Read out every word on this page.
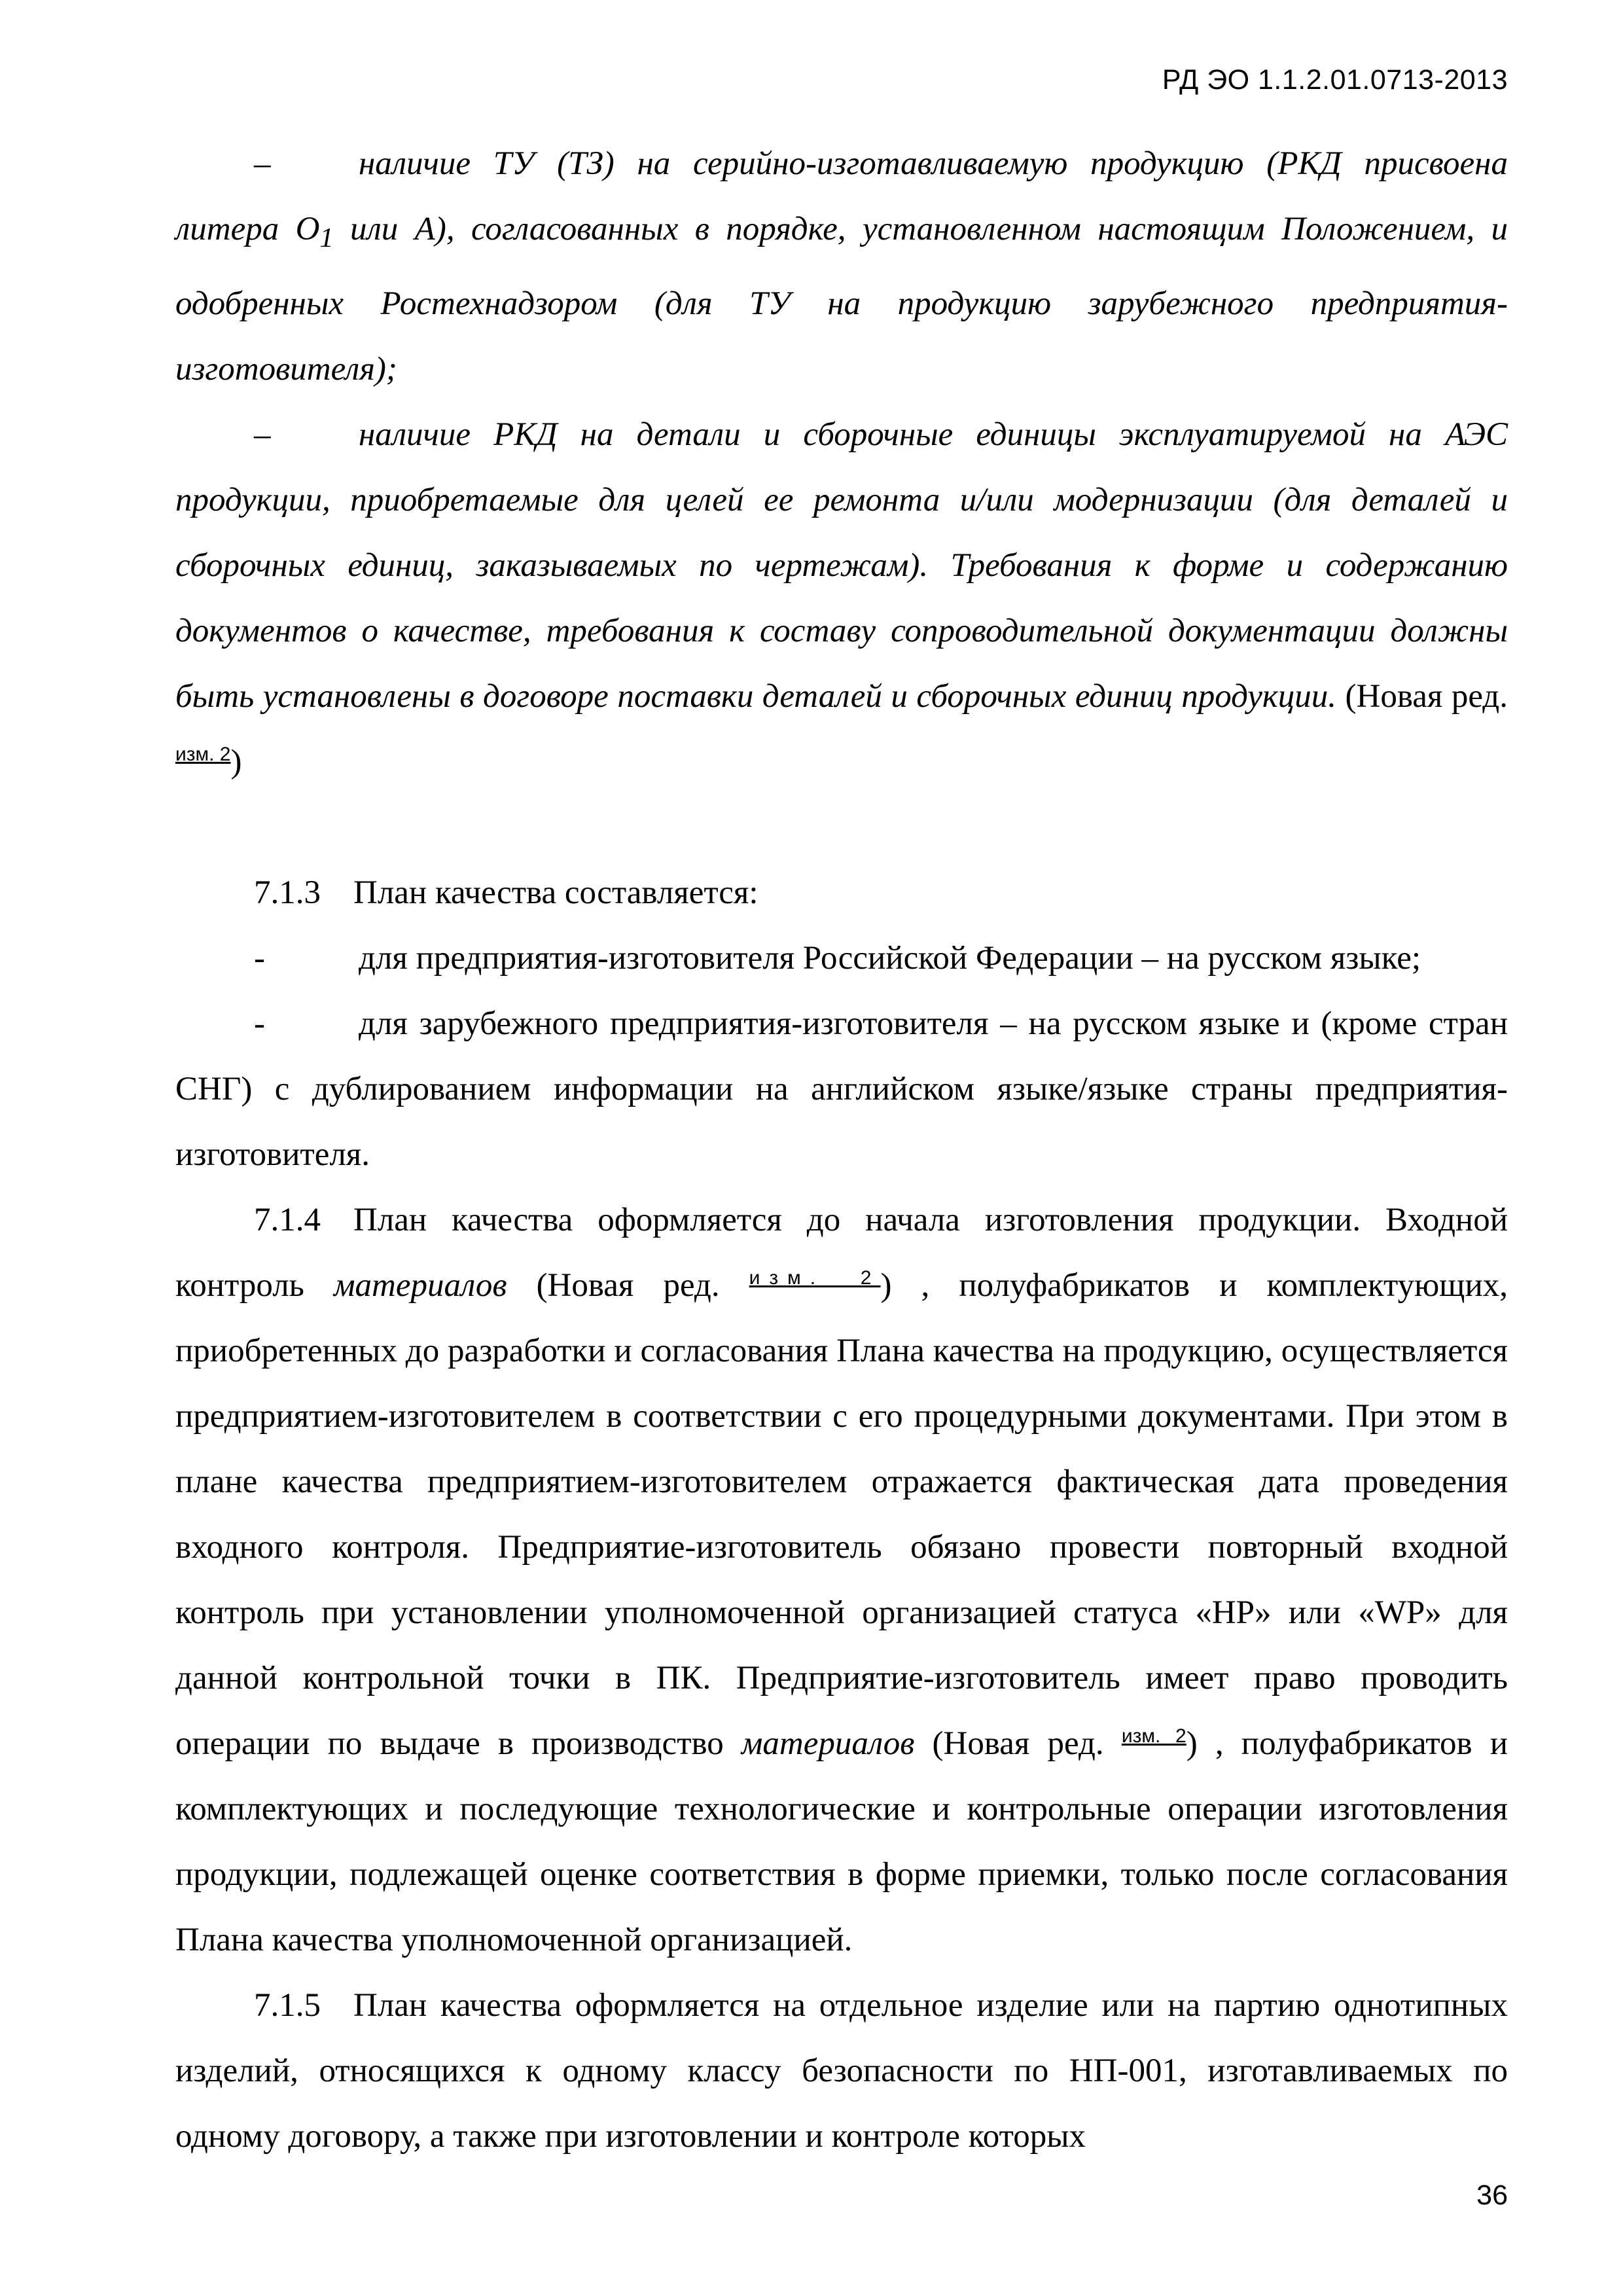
РД ЭО 1.1.2.01.0713-2013

–	наличие ТУ (ТЗ) на серийно-изготавливаемую продукцию (РКД присвоена литера $О_1$ или А), согласованных в порядке, установленном настоящим Положением, и одобренных Ростехнадзором (для ТУ на продукцию зарубежного предприятия-изготовителя);

–	наличие РКД на детали и сборочные единицы эксплуатируемой на АЭС продукции, приобретаемые для целей ее ремонта и/или модернизации (для деталей и сборочных единиц, заказываемых по чертежам). Требования к форме и содержанию документов о качестве, требования к составу сопроводительной документации должны быть установлены в договоре поставки деталей и сборочных единиц продукции. (Новая ред. $^{изм. 2}$)

7.1.3 План качества составляется:

-	для предприятия-изготовителя Российской Федерации – на русском языке;

-	для зарубежного предприятия-изготовителя – на русском языке и (кроме стран СНГ) с дублированием информации на английском языке/языке страны предприятия-изготовителя.

7.1.4 План качества оформляется до начала изготовления продукции. Входной контроль материалов (Новая ред. $^{изм. 2}$) , полуфабрикатов и комплектующих, приобретенных до разработки и согласования Плана качества на продукцию, осуществляется предприятием-изготовителем в соответствии с его процедурными документами. При этом в плане качества предприятием-изготовителем отражается фактическая дата проведения входного контроля. Предприятие-изготовитель обязано провести повторный входной контроль при установлении уполномоченной организацией статуса «HP» или «WP» для данной контрольной точки в ПК. Предприятие-изготовитель имеет право проводить операции по выдаче в производство материалов (Новая ред. $^{изм. 2}$) , полуфабрикатов и комплектующих и последующие технологические и контрольные операции изготовления продукции, подлежащей оценке соответствия в форме приемки, только после согласования Плана качества уполномоченной организацией.

7.1.5 План качества оформляется на отдельное изделие или на партию однотипных изделий, относящихся к одному классу безопасности по НП-001, изготавливаемых по одному договору, а также при изготовлении и контроле которых

36
